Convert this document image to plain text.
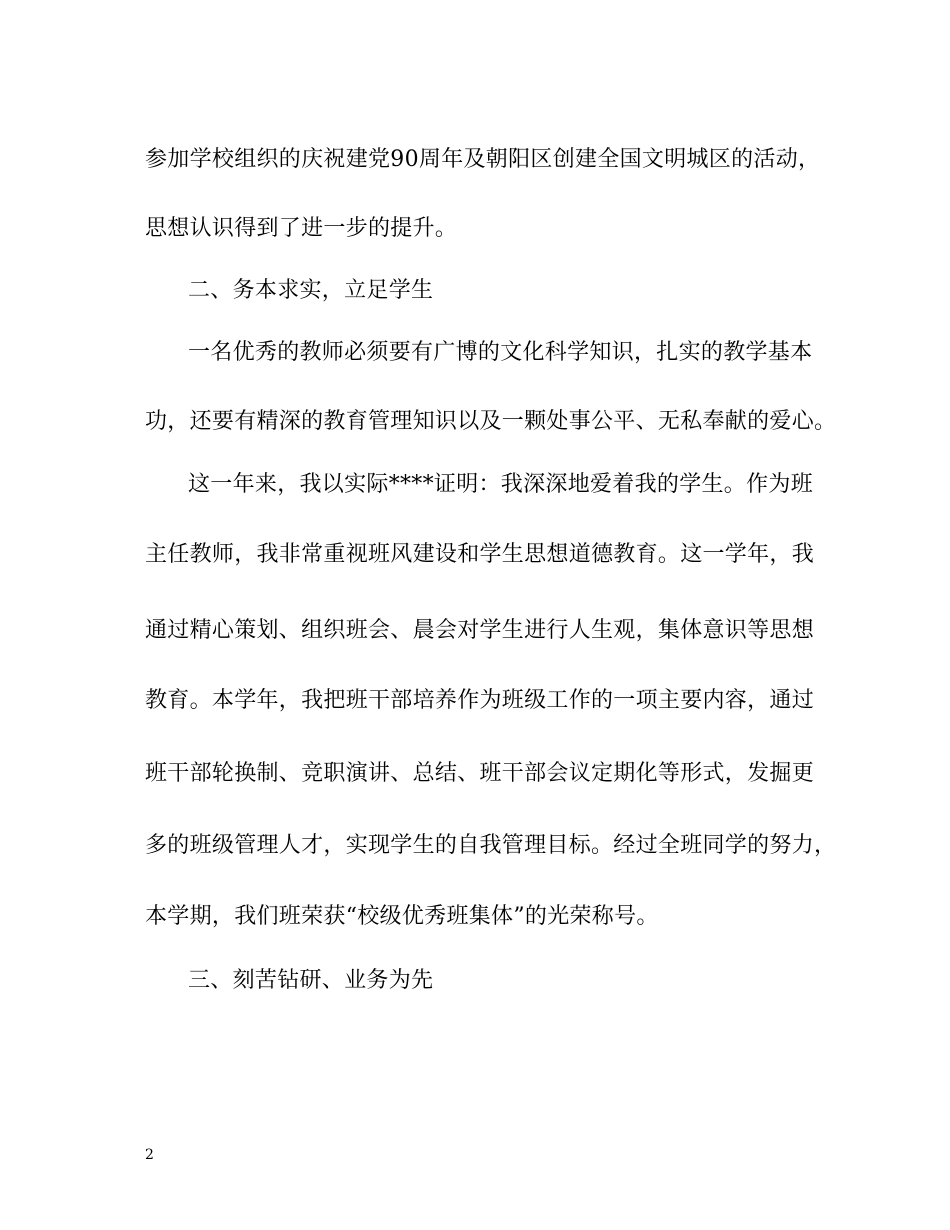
参加学校组织的庆祝建党90周年及朝阳区创建全国文明城区的活动，
思想认识得到了进一步的提升。
二、务本求实，立足学生
一名优秀的教师必须要有广博的文化科学知识，扎实的教学基本
功，还要有精深的教育管理知识以及一颗处事公平、无私奉献的爱心。
这一年来，我以实际****证明：我深深地爱着我的学生。作为班
主任教师，我非常重视班风建设和学生思想道德教育。这一学年，我
通过精心策划、组织班会、晨会对学生进行人生观，集体意识等思想
教育。本学年，我把班干部培养作为班级工作的一项主要内容，通过
班干部轮换制、竞职演讲、总结、班干部会议定期化等形式，发掘更
多的班级管理人才，实现学生的自我管理目标。经过全班同学的努力，
本学期，我们班荣获“校级优秀班集体”的光荣称号。
三、刻苦钻研、业务为先
2
